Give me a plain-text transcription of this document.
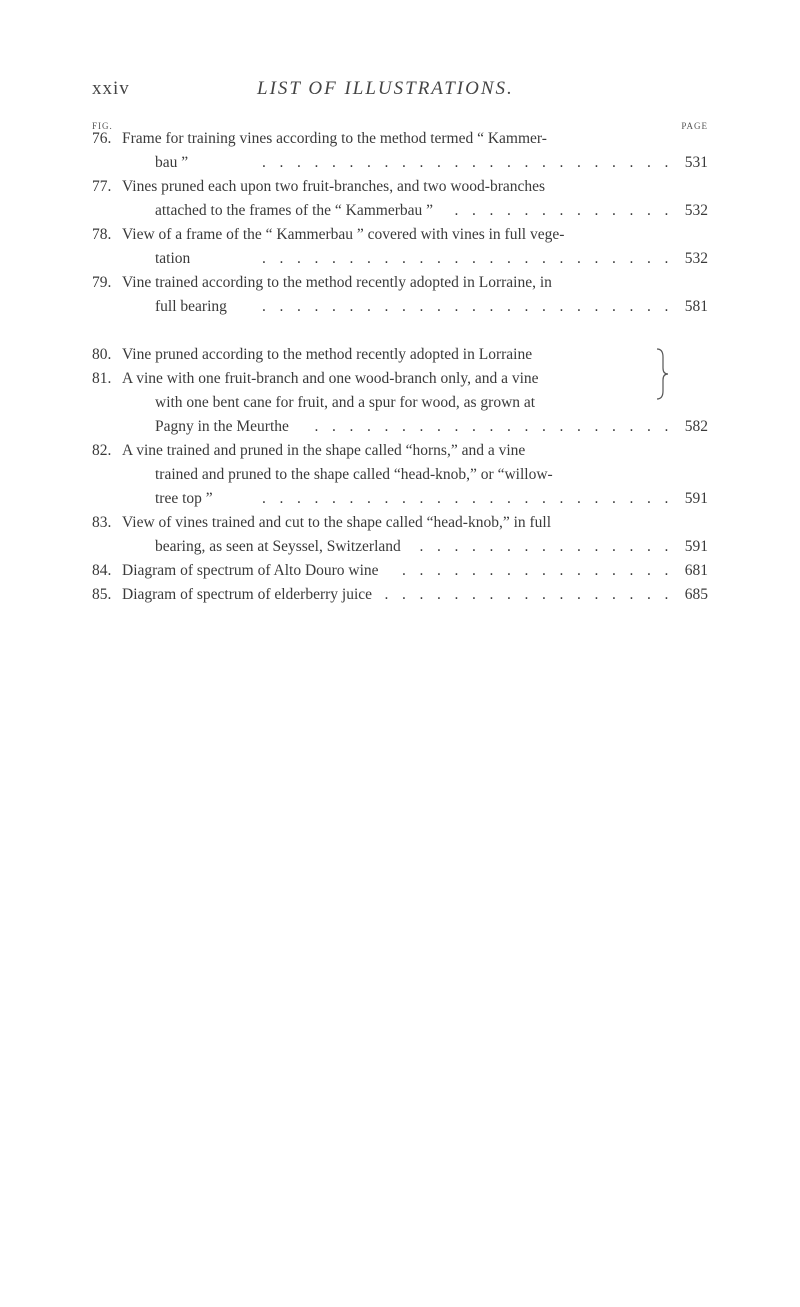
xxiv	LIST OF ILLUSTRATIONS.
FIG.	PAGE
76. Frame for training vines according to the method termed “ Kammer-
bau ”	. . . . . . . . . . . . . . . . . . . . . . . .	531
77. Vines pruned each upon two fruit-branches, and two wood-branches
attached to the frames of the “ Kammerbau ” . . . . . . . . . . . . .	532
78. View of a frame of the “ Kammerbau ” covered with vines in full vege-
tation	. . . . . . . . . . . . . . . . . . . . . . . .	532
79. Vine trained according to the method recently adopted in Lorraine, in
full bearing . . . . . . . . . . . . . . . . . . . . . . . .	581
80. Vine pruned according to the method recently adopted in Lorraine
81. A vine with one fruit-branch and one wood-branch only, and a vine
with one bent cane for fruit, and a spur for wood, as grown at
Pagny in the Meurthe . . . . . . . . . . . . . . . . . . . . .	582
82. A vine trained and pruned in the shape called “horns,” and a vine
trained and pruned to the shape called “head-knob,” or “willow-
tree top ”	. . . . . . . . . . . . . . . . . . . . . . . .	591
83. View of vines trained and cut to the shape called “head-knob,” in full
bearing, as seen at Seyssel, Switzerland . . . . . . . . . . . . . . .	591
84. Diagram of spectrum of Alto Douro wine . . . . . . . . . . . . . . . .	681
85. Diagram of spectrum of elderberry juice . . . . . . . . . . . . . . . . .	685
